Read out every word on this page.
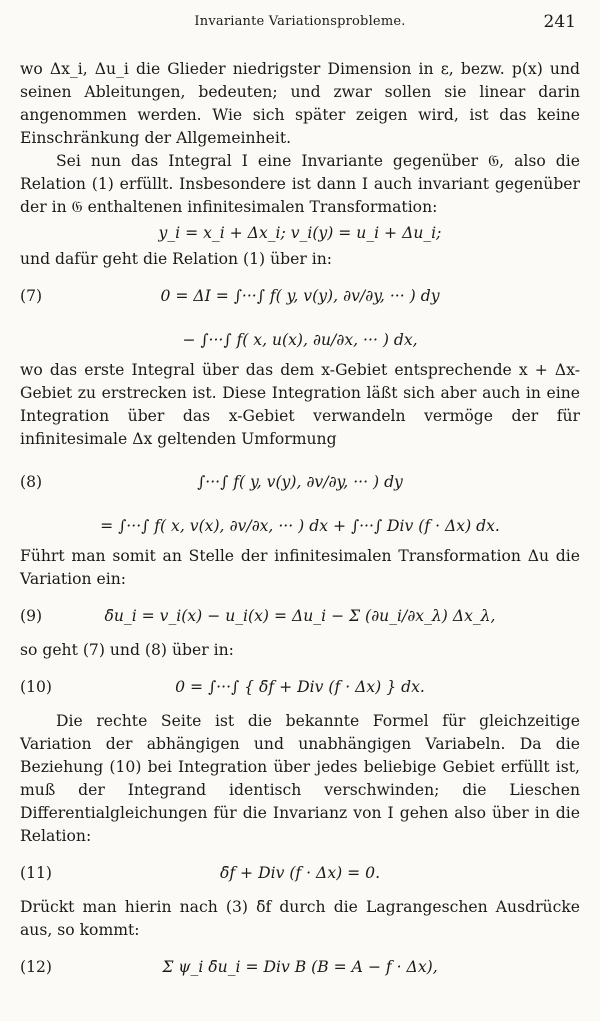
Invariante Variationsprobleme.	241

wo Δx_i, Δu_i die Glieder niedrigster Dimension in ε, bezw. p(x) und seinen Ableitungen, bedeuten; und zwar sollen sie linear darin angenommen werden. Wie sich später zeigen wird, ist das keine Einschränkung der Allgemeinheit.

Sei nun das Integral I eine Invariante gegenüber 𝔊, also die Relation (1) erfüllt. Insbesondere ist dann I auch invariant gegenüber der in 𝔊 enthaltenen infinitesimalen Transformation:

y_i = x_i + Δx_i; v_i(y) = u_i + Δu_i;

und dafür geht die Relation (1) über in:

(7)	0 = ΔI = ∫···∫ f( y, v(y), ∂v/∂y, ··· ) dy
− ∫···∫ f( x, u(x), ∂u/∂x, ··· ) dx,

wo das erste Integral über das dem x-Gebiet entsprechende x + Δx-Gebiet zu erstrecken ist. Diese Integration läßt sich aber auch in eine Integration über das x-Gebiet verwandeln vermöge der für infinitesimale Δx geltenden Umformung

(8)	∫···∫ f( y, v(y), ∂v/∂y, ··· ) dy
= ∫···∫ f( x, v(x), ∂v/∂x, ··· ) dx + ∫···∫ Div (f · Δx) dx.

Führt man somit an Stelle der infinitesimalen Transformation Δu die Variation ein:

(9)	δ̄u_i = v_i(x) − u_i(x) = Δu_i − Σ (∂u_i/∂x_λ) Δx_λ,

so geht (7) und (8) über in:

(10)	0 = ∫···∫ { δ̄f + Div (f · Δx) } dx.

Die rechte Seite ist die bekannte Formel für gleichzeitige Variation der abhängigen und unabhängigen Variabeln. Da die Beziehung (10) bei Integration über jedes beliebige Gebiet erfüllt ist, muß der Integrand identisch verschwinden; die Lieschen Differentialgleichungen für die Invarianz von I gehen also über in die Relation:

(11)	δ̄f + Div (f · Δx) = 0.

Drückt man hierin nach (3) δ̄f durch die Lagrangeschen Ausdrücke aus, so kommt:

(12)	Σ ψ_i δ̄u_i = Div B (B = A − f · Δx),
